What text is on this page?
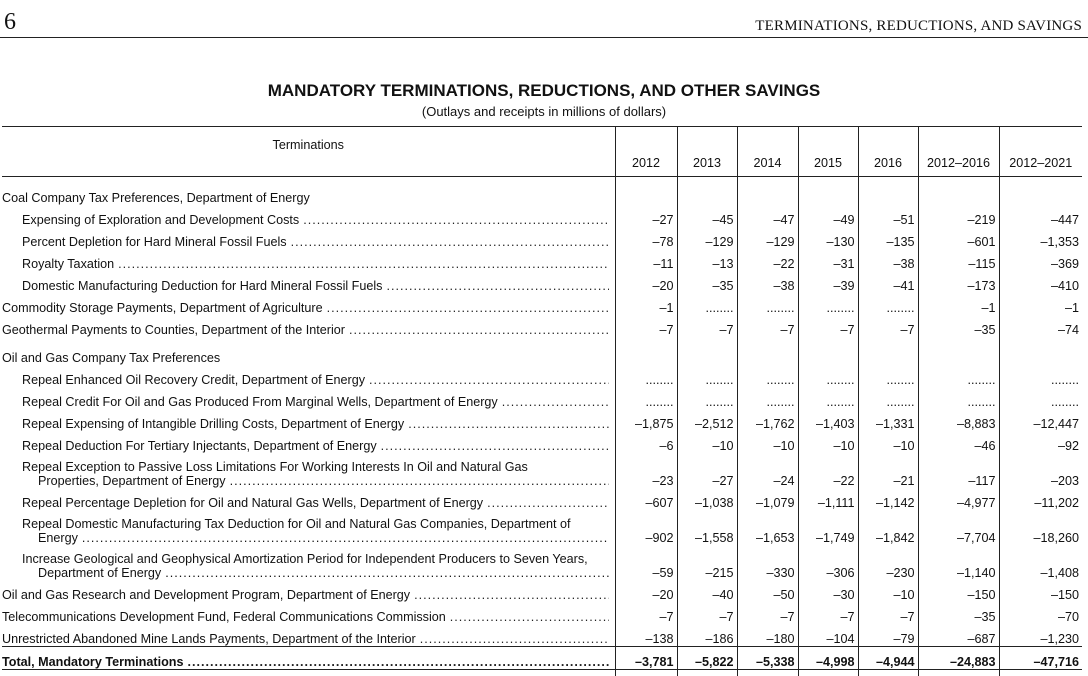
6	TERMINATIONS, REDUCTIONS, AND SAVINGS
MANDATORY TERMINATIONS, REDUCTIONS, AND OTHER SAVINGS
(Outlays and receipts in millions of dollars)
Terminations	2012	2013	2014	2015	2016	2012–2016	2012–2021

Coal Company Tax Preferences, Department of Energy							

Expensing of Exploration and Development Costs
.....	–27	–45	–47	–49	–51	–219	–447

Percent Depletion for Hard Mineral Fossil Fuels
.....	–78	–129	–129	–130	–135	–601	–1,353

Royalty Taxation
.....	–11	–13	–22	–31	–38	–115	–369

Domestic Manufacturing Deduction for Hard Mineral Fossil Fuels
.....	–20	–35	–38	–39	–41	–173	–410

Commodity Storage Payments, Department of Agriculture
.....	–1	........	........	........	........	–1	–1

Geothermal Payments to Counties, Department of the Interior
.....	–7	–7	–7	–7	–7	–35	–74

Oil and Gas Company Tax Preferences							

Repeal Enhanced Oil Recovery Credit, Department of Energy
.....	........	........	........	........	........	........	........

Repeal Credit For Oil and Gas Produced From Marginal Wells, Department of Energy
.....	........	........	........	........	........	........	........

Repeal Expensing of Intangible Drilling Costs, Department of Energy
.....	–1,875	–2,512	–1,762	–1,403	–1,331	–8,883	–12,447

Repeal Deduction For Tertiary Injectants, Department of Energy
.....	–6	–10	–10	–10	–10	–46	–92

Repeal Exception to Passive Loss Limitations For Working Interests In Oil and Natural Gas
Properties, Department of Energy
.....	–23	–27	–24	–22	–21	–117	–203

Repeal Percentage Depletion for Oil and Natural Gas Wells, Department of Energy
.....	–607	–1,038	–1,079	–1,111	–1,142	–4,977	–11,202

Repeal Domestic Manufacturing Tax Deduction for Oil and Natural Gas Companies, Department of
Energy
.....	–902	–1,558	–1,653	–1,749	–1,842	–7,704	–18,260

Increase Geological and Geophysical Amortization Period for Independent Producers to Seven Years,
Department of Energy
.....	–59	–215	–330	–306	–230	–1,140	–1,408

Oil and Gas Research and Development Program, Department of Energy
.....	–20	–40	–50	–30	–10	–150	–150

Telecommunications Development Fund, Federal Communications Commission
.....	–7	–7	–7	–7	–7	–35	–70

Unrestricted Abandoned Mine Lands Payments, Department of the Interior
.....	–138	–186	–180	–104	–79	–687	–1,230

Total, Mandatory Terminations
.....	–3,781	–5,822	–5,338	–4,998	–4,944	–24,883	–47,716
